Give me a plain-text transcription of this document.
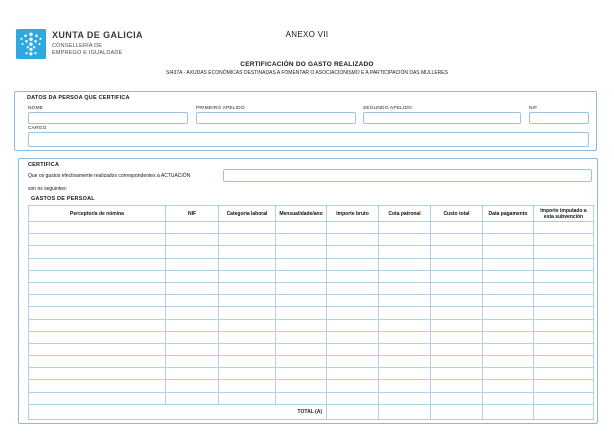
XUNTA DE GALICIA
CONSELLERÍA DE
EMPREGO E IGUALDADE
ANEXO VII
CERTIFICACIÓN DO GASTO REALIZADO
SI437A - AXUDAS ECONÓMICAS DESTINADAS A FOMENTAR O ASOCIACIONISMO E A PARTICIPACIÓN DAS MULLERES
DATOS DA PERSOA QUE CERTIFICA
NOME	PRIMEIRO APELIDO	SEGUNDO APELIDO	NIF
CARGO
CERTIFICA
Que os gastos efectivamente realizados correspondentes á ACTUACIÓN
son os seguintes:
GASTOS DE PERSOAL
Perceptor/a de nómina	NIF	Categoría laboral	Mensualidade/ano	Importe bruto	Cota patronal	Custo total	Data pagamento	Importe imputado a esta subvención

TOTAL (A)								
